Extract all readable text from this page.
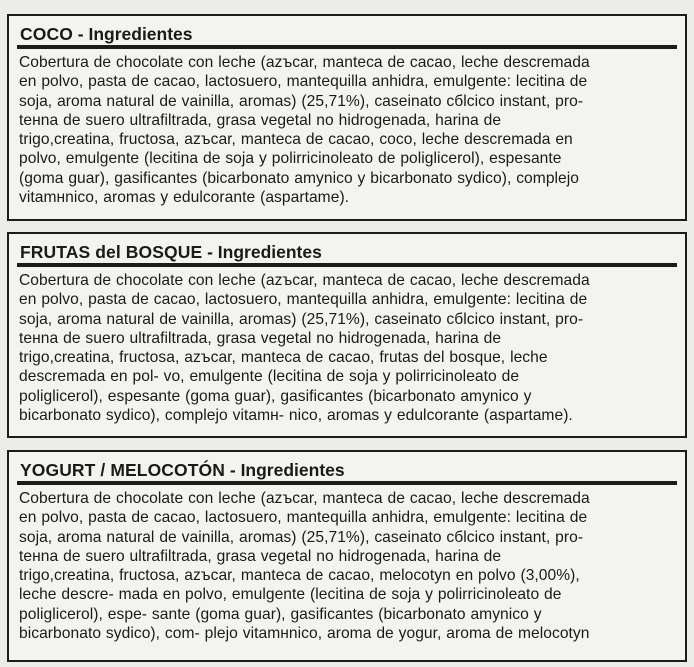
COCO - Ingredientes
Cobertura de chocolate con leche (azъcar, manteca de cacao, leche descremada
en polvo, pasta de cacao, lactosuero, mantequilla anhidra, emulgente: lecitina de
soja, aroma natural de vainilla, aromas) (25,71%), caseinato cбlcico instant, pro-
teнna de suero ultrafiltrada, grasa vegetal no hidrogenada, harina de
trigo,creatina, fructosa, azъcar, manteca de cacao, coco, leche descremada en
polvo, emulgente (lecitina de soja y polirricinoleato de poliglicerol), espesante
(goma guar), gasificantes (bicarbonato amynico y bicarbonato sydico), complejo
vitamнnico, aromas y edulcorante (aspartame).
FRUTAS del BOSQUE - Ingredientes
Cobertura de chocolate con leche (azъcar, manteca de cacao, leche descremada
en polvo, pasta de cacao, lactosuero, mantequilla anhidra, emulgente: lecitina de
soja, aroma natural de vainilla, aromas) (25,71%), caseinato cбlcico instant, pro-
teнna de suero ultrafiltrada, grasa vegetal no hidrogenada, harina de
trigo,creatina, fructosa, azъcar, manteca de cacao, frutas del bosque, leche
descremada en pol- vo, emulgente (lecitina de soja y polirricinoleato de
poliglicerol), espesante (goma guar), gasificantes (bicarbonato amynico y
bicarbonato sydico), complejo vitamн- nico, aromas y edulcorante (aspartame).
YOGURT / MELOCOTÓN - Ingredientes
Cobertura de chocolate con leche (azъcar, manteca de cacao, leche descremada
en polvo, pasta de cacao, lactosuero, mantequilla anhidra, emulgente: lecitina de
soja, aroma natural de vainilla, aromas) (25,71%), caseinato cбlcico instant, pro-
teнna de suero ultrafiltrada, grasa vegetal no hidrogenada, harina de
trigo,creatina, fructosa, azъcar, manteca de cacao, melocotyn en polvo (3,00%),
leche descre- mada en polvo, emulgente (lecitina de soja y polirricinoleato de
poliglicerol), espe- sante (goma guar), gasificantes (bicarbonato amynico y
bicarbonato sydico), com- plejo vitamнnico, aroma de yogur, aroma de melocotyn
